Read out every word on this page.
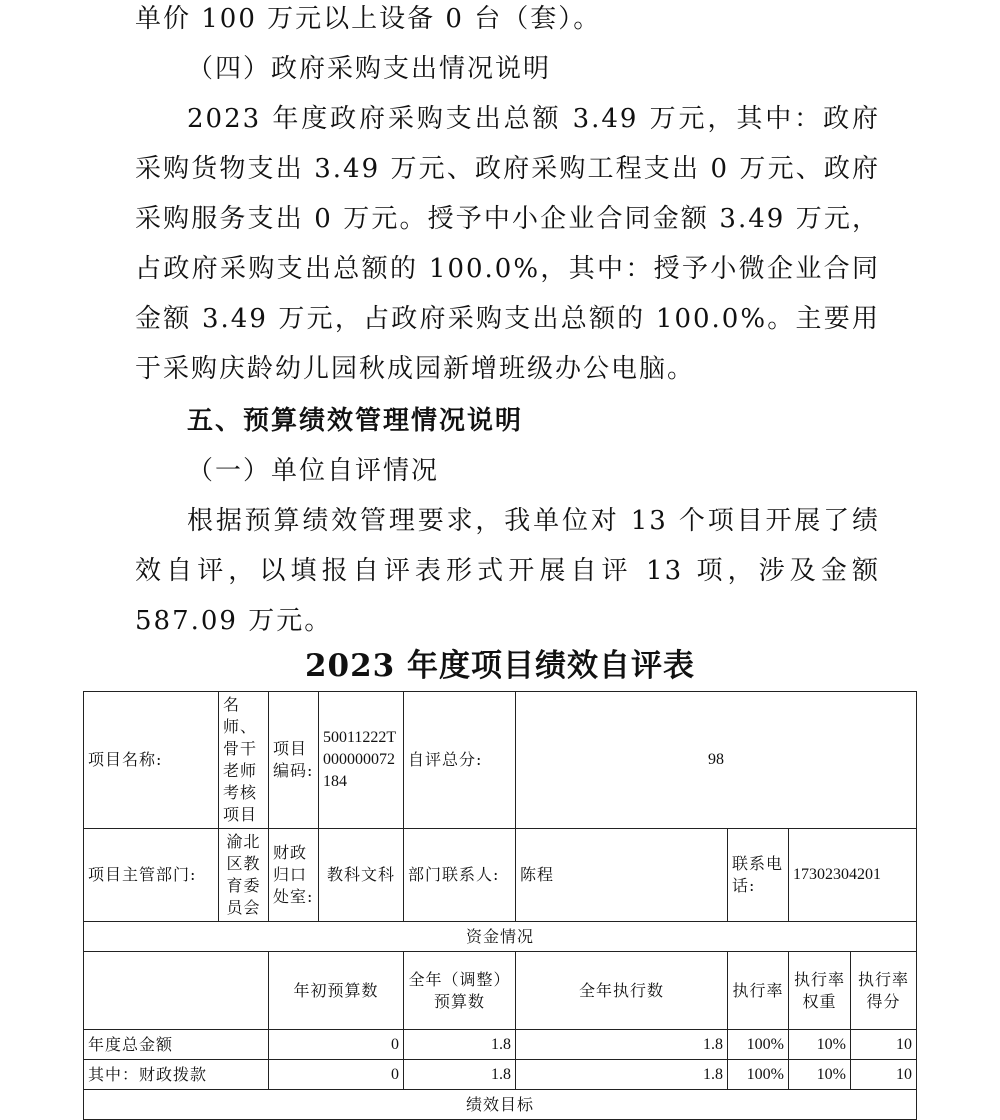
单价 100 万元以上设备 0 台（套）。

（四）政府采购支出情况说明

2023 年度政府采购支出总额 3.49 万元，其中：政府采购货物支出 3.49 万元、政府采购工程支出 0 万元、政府采购服务支出 0 万元。授予中小企业合同金额 3.49 万元，占政府采购支出总额的 100.0%，其中：授予小微企业合同金额 3.49 万元，占政府采购支出总额的 100.0%。主要用于采购庆龄幼儿园秋成园新增班级办公电脑。

五、预算绩效管理情况说明

（一）单位自评情况

根据预算绩效管理要求，我单位对 13 个项目开展了绩效自评，以填报自评表形式开展自评 13 项，涉及金额 587.09 万元。

2023 年度项目绩效自评表
项目名称:	名师、骨干老师考核项目	项目编码:	50011222T000000072184	自评总分:	98			
项目主管部门:	渝北区教育委员会	财政归口处室:	教科文科	部门联系人:	陈程	联系电话:	17302304201	
资金情况								
		年初预算数		全年（调整）预算数	全年执行数	执行率	执行率权重	执行率得分
年度总金额		0		1.8	1.8	100%	10%	10
其中：财政拨款		0		1.8	1.8	100%	10%	10
绩效目标								
